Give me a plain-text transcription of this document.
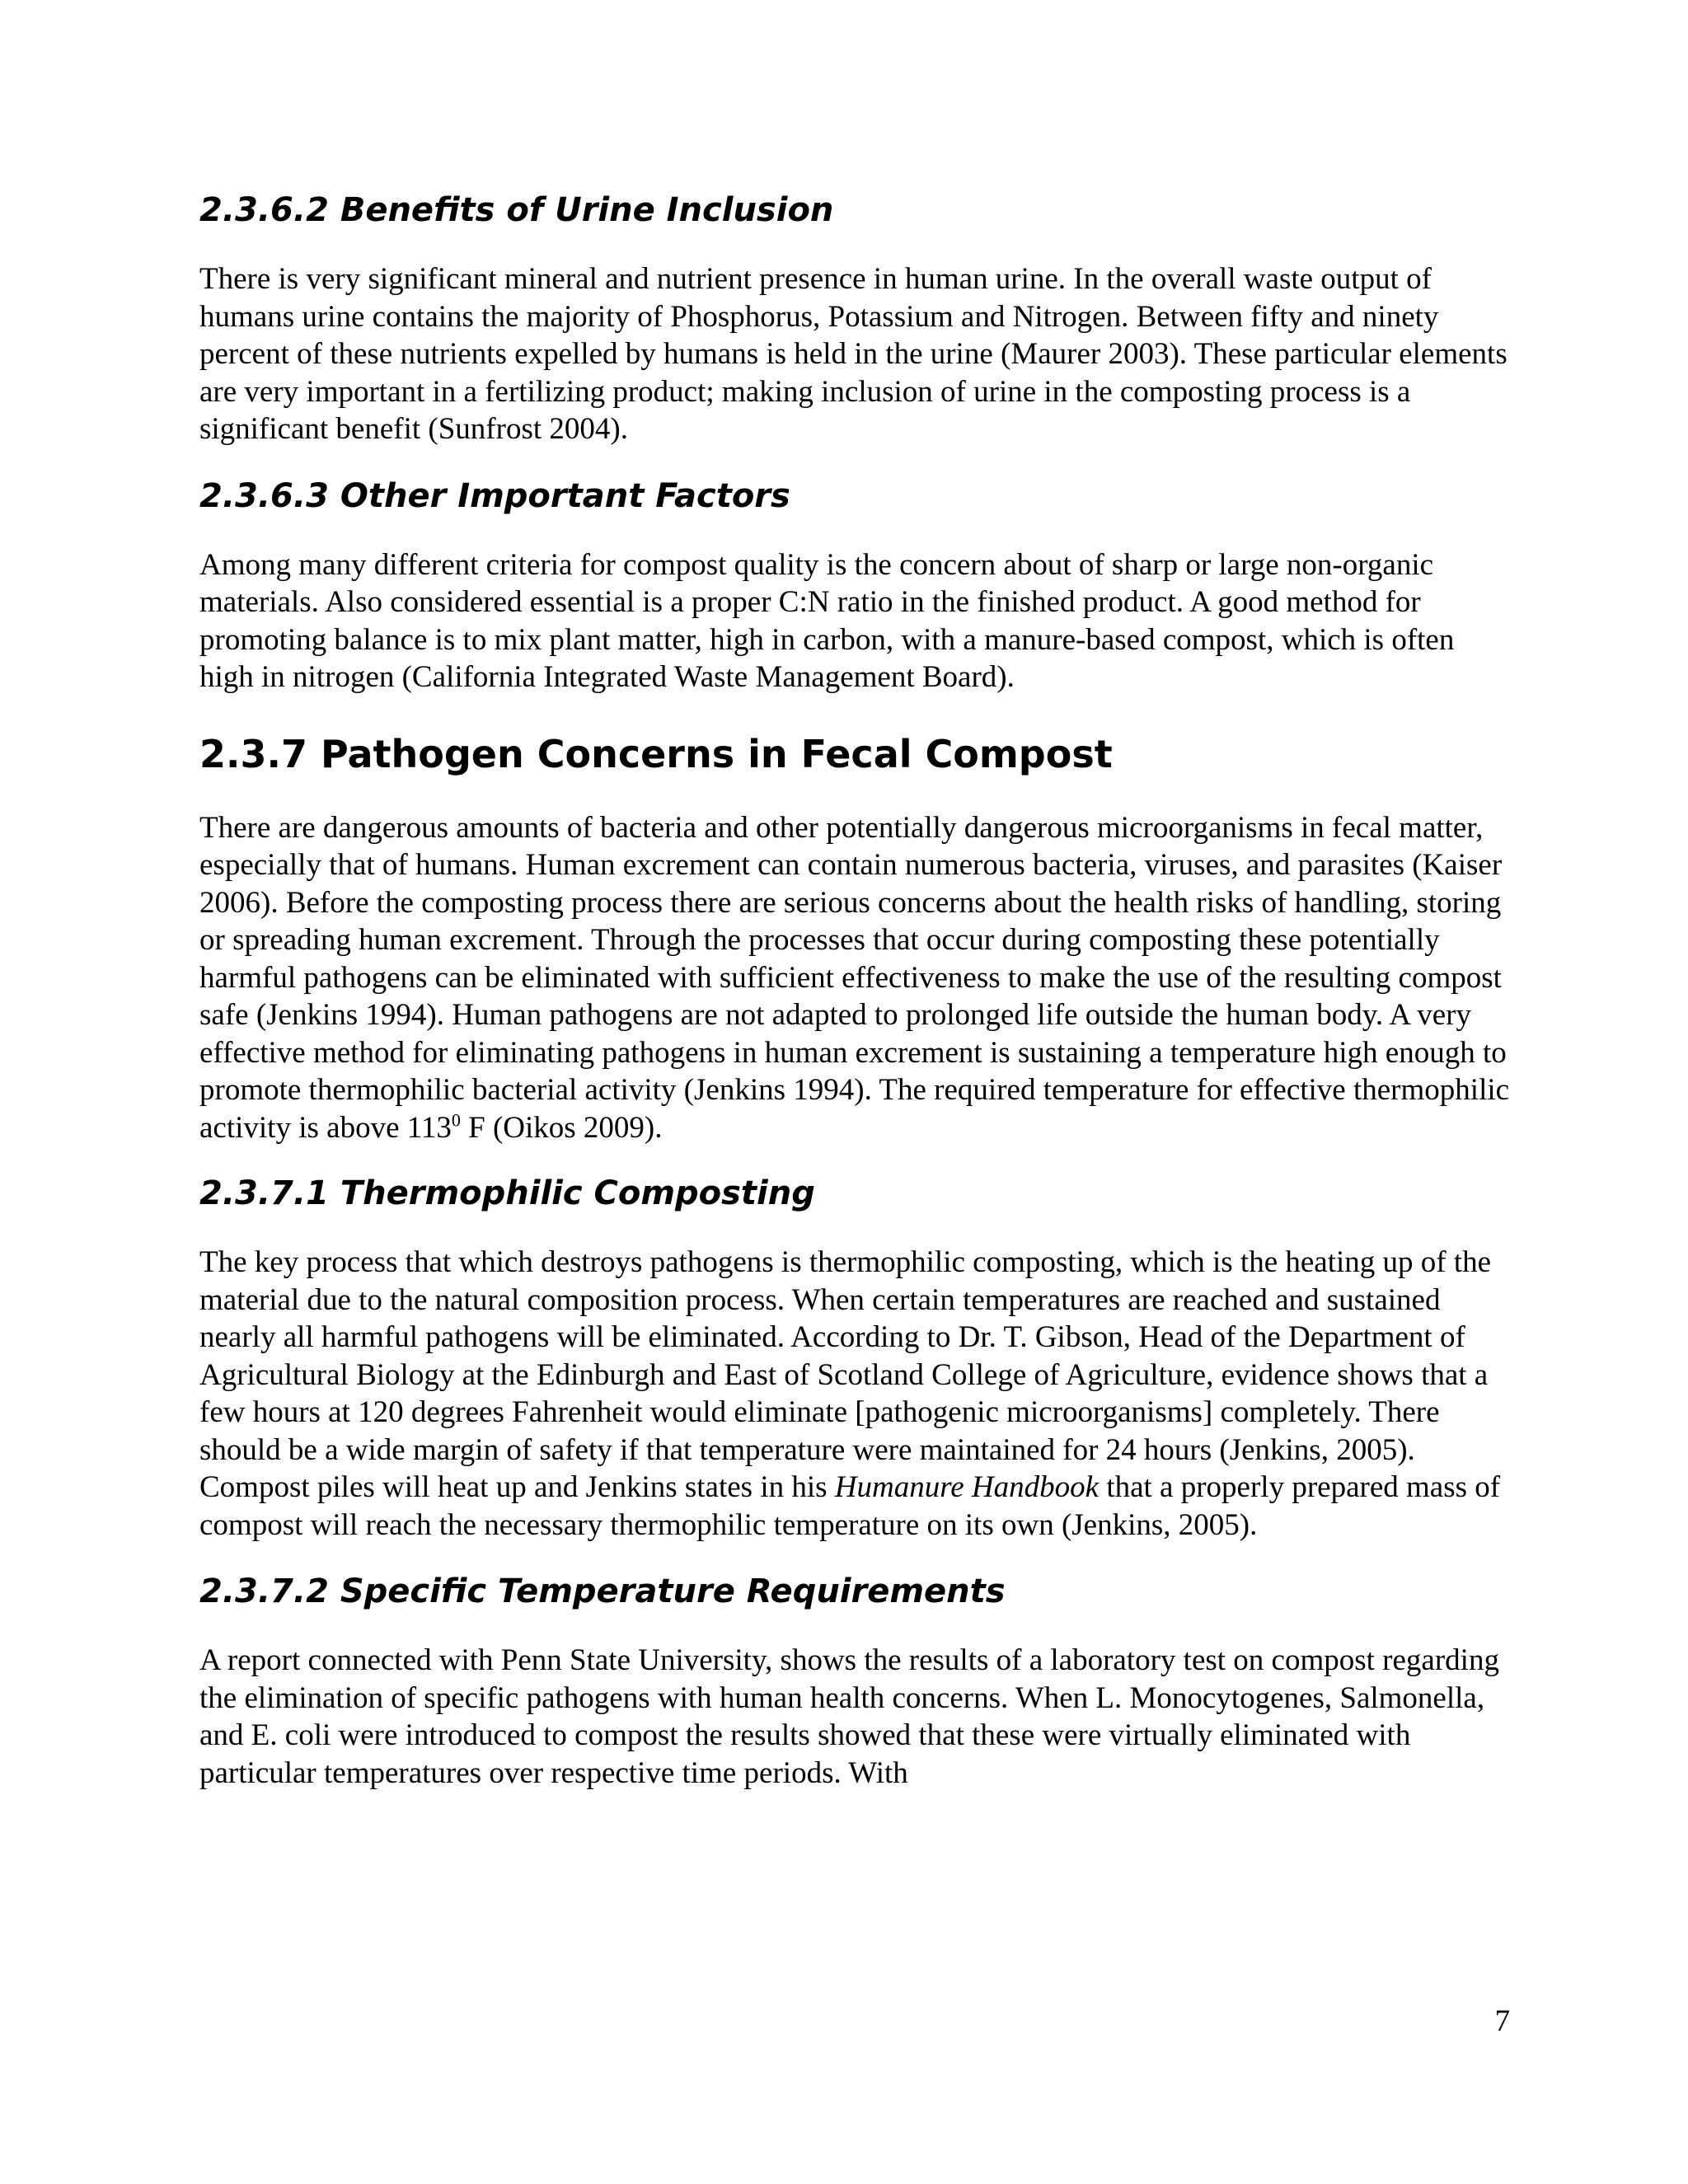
2.3.6.2 Benefits of Urine Inclusion

There is very significant mineral and nutrient presence in human urine. In the overall waste output of humans urine contains the majority of Phosphorus, Potassium and Nitrogen. Between fifty and ninety percent of these nutrients expelled by humans is held in the urine (Maurer 2003). These particular elements are very important in a fertilizing product; making inclusion of urine in the composting process is a significant benefit (Sunfrost 2004).

2.3.6.3 Other Important Factors

Among many different criteria for compost quality is the concern about of sharp or large non-organic materials. Also considered essential is a proper C:N ratio in the finished product. A good method for promoting balance is to mix plant matter, high in carbon, with a manure-based compost, which is often high in nitrogen (California Integrated Waste Management Board).

2.3.7 Pathogen Concerns in Fecal Compost

There are dangerous amounts of bacteria and other potentially dangerous microorganisms in fecal matter, especially that of humans. Human excrement can contain numerous bacteria, viruses, and parasites (Kaiser 2006). Before the composting process there are serious concerns about the health risks of handling, storing or spreading human excrement. Through the processes that occur during composting these potentially harmful pathogens can be eliminated with sufficient effectiveness to make the use of the resulting compost safe (Jenkins 1994). Human pathogens are not adapted to prolonged life outside the human body. A very effective method for eliminating pathogens in human excrement is sustaining a temperature high enough to promote thermophilic bacterial activity (Jenkins 1994). The required temperature for effective thermophilic activity is above $113^0$ F (Oikos 2009).

2.3.7.1 Thermophilic Composting

The key process that which destroys pathogens is thermophilic composting, which is the heating up of the material due to the natural composition process. When certain temperatures are reached and sustained nearly all harmful pathogens will be eliminated. According to Dr. T. Gibson, Head of the Department of Agricultural Biology at the Edinburgh and East of Scotland College of Agriculture, evidence shows that a few hours at 120 degrees Fahrenheit would eliminate [pathogenic microorganisms] completely. There should be a wide margin of safety if that temperature were maintained for 24 hours (Jenkins, 2005). Compost piles will heat up and Jenkins states in his Humanure Handbook that a properly prepared mass of compost will reach the necessary thermophilic temperature on its own (Jenkins, 2005).

2.3.7.2 Specific Temperature Requirements

A report connected with Penn State University, shows the results of a laboratory test on compost regarding the elimination of specific pathogens with human health concerns. When L. Monocytogenes, Salmonella, and E. coli were introduced to compost the results showed that these were virtually eliminated with particular temperatures over respective time periods. With

7
